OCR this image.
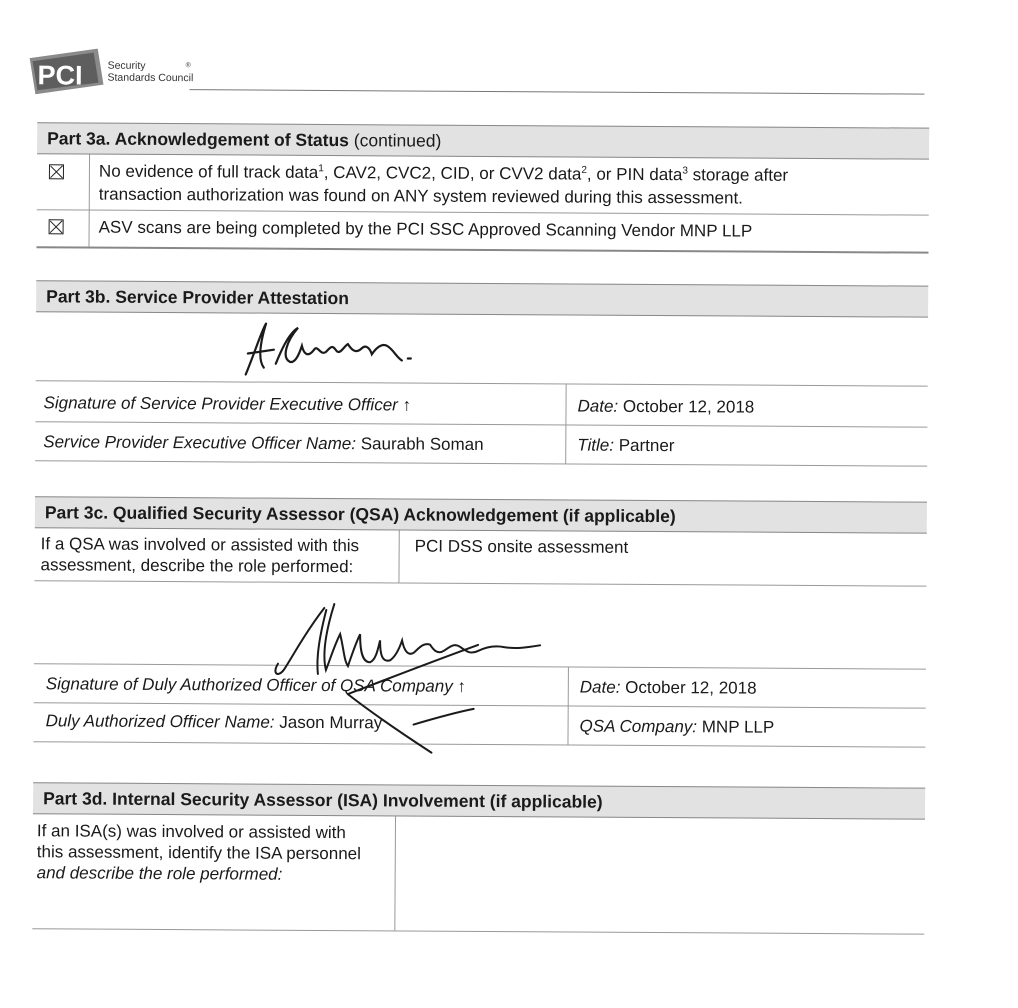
PCI Security
Standards Council
®
Part 3a. Acknowledgement of Status (continued)
No evidence of full track data$^1$, CAV2, CVC2, CID, or CVV2 data$^2$, or PIN data$^3$ storage after
transaction authorization was found on ANY system reviewed during this assessment.
ASV scans are being completed by the PCI SSC Approved Scanning Vendor MNP LLP
Part 3b. Service Provider Attestation
Signature of Service Provider Executive Officer ↑	Date: October 12, 2018
Service Provider Executive Officer Name: Saurabh Soman	Title: Partner
Part 3c. Qualified Security Assessor (QSA) Acknowledgement (if applicable)
If a QSA was involved or assisted with this
assessment, describe the role performed:
PCI DSS onsite assessment
Signature of Duly Authorized Officer of QSA Company ↑	Date: October 12, 2018
Duly Authorized Officer Name: Jason Murray	QSA Company: MNP LLP
Part 3d. Internal Security Assessor (ISA) Involvement (if applicable)
If an ISA(s) was involved or assisted with
this assessment, identify the ISA personnel
and describe the role performed:
